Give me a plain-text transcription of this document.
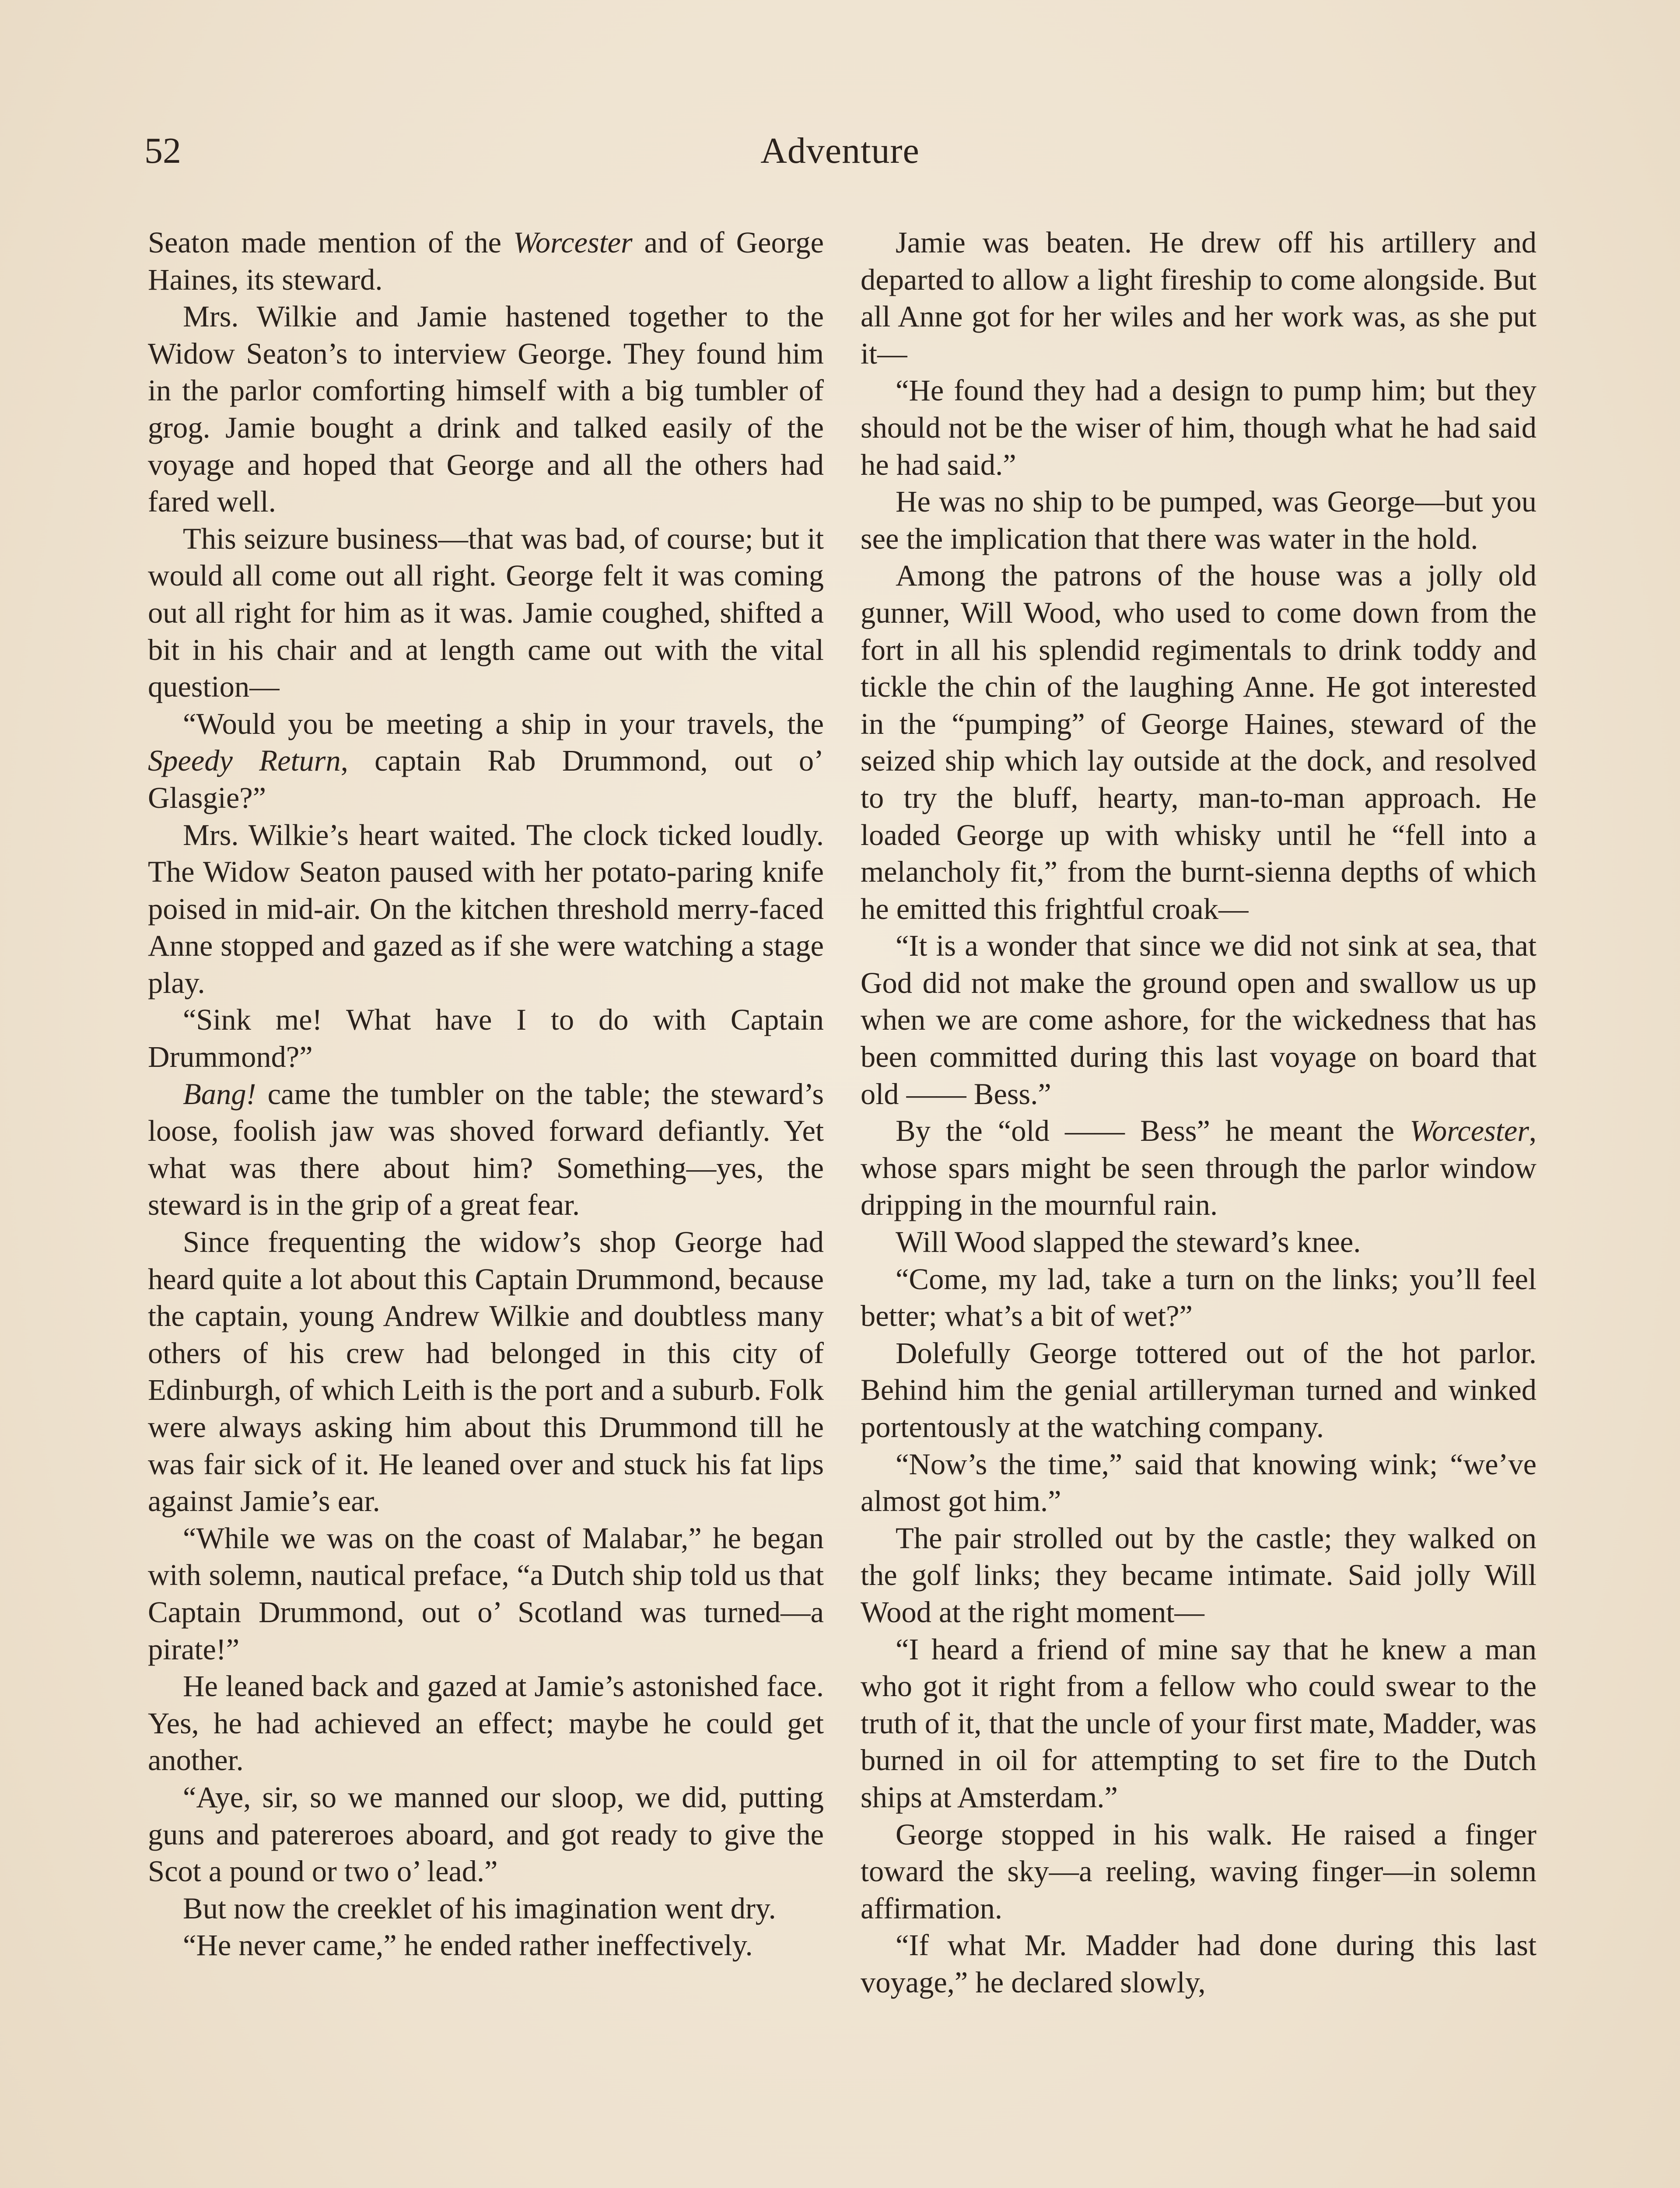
52	Adventure

Seaton made mention of the Worcester and of George Haines, its steward.

Mrs. Wilkie and Jamie hastened together to the Widow Seaton’s to interview George. They found him in the parlor comforting himself with a big tumbler of grog. Jamie bought a drink and talked easily of the voyage and hoped that George and all the others had fared well.

This seizure business—that was bad, of course; but it would all come out all right. George felt it was coming out all right for him as it was. Jamie coughed, shifted a bit in his chair and at length came out with the vital question—

“Would you be meeting a ship in your travels, the Speedy Return, captain Rab Drummond, out o’ Glasgie?”

Mrs. Wilkie’s heart waited. The clock ticked loudly. The Widow Seaton paused with her potato-paring knife poised in mid-air. On the kitchen threshold merry-faced Anne stopped and gazed as if she were watching a stage play.

“Sink me! What have I to do with Captain Drummond?”

Bang! came the tumbler on the table; the steward’s loose, foolish jaw was shoved forward defiantly. Yet what was there about him? Something—yes, the steward is in the grip of a great fear.

Since frequenting the widow’s shop George had heard quite a lot about this Captain Drummond, because the captain, young Andrew Wilkie and doubtless many others of his crew had belonged in this city of Edinburgh, of which Leith is the port and a suburb. Folk were always asking him about this Drummond till he was fair sick of it. He leaned over and stuck his fat lips against Jamie’s ear.

“While we was on the coast of Malabar,” he began with solemn, nautical preface, “a Dutch ship told us that Captain Drummond, out o’ Scotland was turned—a pirate!”

He leaned back and gazed at Jamie’s astonished face. Yes, he had achieved an effect; maybe he could get another.

“Aye, sir, so we manned our sloop, we did, putting guns and patereroes aboard, and got ready to give the Scot a pound or two o’ lead.”

But now the creeklet of his imagination went dry.

“He never came,” he ended rather ineffectively.

Jamie was beaten. He drew off his artillery and departed to allow a light fireship to come alongside. But all Anne got for her wiles and her work was, as she put it—

“He found they had a design to pump him; but they should not be the wiser of him, though what he had said he had said.”

He was no ship to be pumped, was George—but you see the implication that there was water in the hold.

Among the patrons of the house was a jolly old gunner, Will Wood, who used to come down from the fort in all his splendid regimentals to drink toddy and tickle the chin of the laughing Anne. He got interested in the “pumping” of George Haines, steward of the seized ship which lay outside at the dock, and resolved to try the bluff, hearty, man-to-man approach. He loaded George up with whisky until he “fell into a melancholy fit,” from the burnt-sienna depths of which he emitted this frightful croak—

“It is a wonder that since we did not sink at sea, that God did not make the ground open and swallow us up when we are come ashore, for the wickedness that has been committed during this last voyage on board that old —— Bess.”

By the “old —— Bess” he meant the Worcester, whose spars might be seen through the parlor window dripping in the mournful rain.

Will Wood slapped the steward’s knee.

“Come, my lad, take a turn on the links; you’ll feel better; what’s a bit of wet?”

Dolefully George tottered out of the hot parlor. Behind him the genial artilleryman turned and winked portentously at the watching company.

“Now’s the time,” said that knowing wink; “we’ve almost got him.”

The pair strolled out by the castle; they walked on the golf links; they became intimate. Said jolly Will Wood at the right moment—

“I heard a friend of mine say that he knew a man who got it right from a fellow who could swear to the truth of it, that the uncle of your first mate, Madder, was burned in oil for attempting to set fire to the Dutch ships at Amsterdam.”

George stopped in his walk. He raised a finger toward the sky—a reeling, waving finger—in solemn affirmation.

“If what Mr. Madder had done during this last voyage,” he declared slowly,
